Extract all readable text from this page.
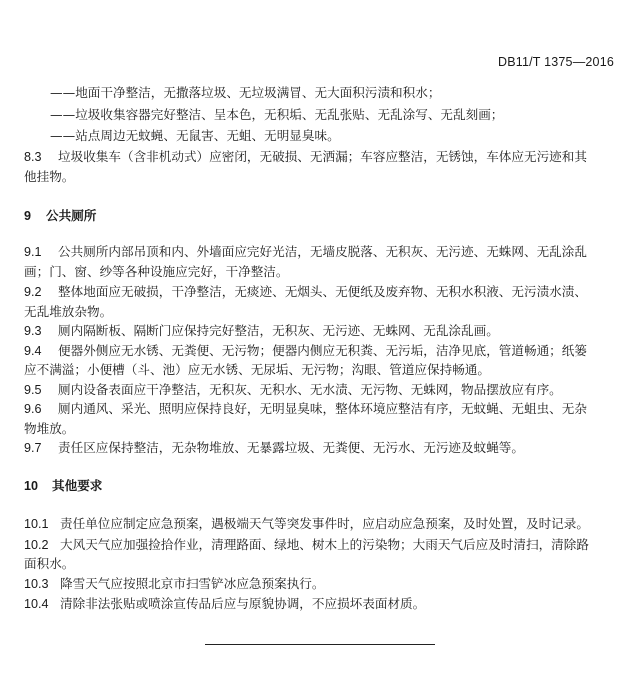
DB11/T 1375—2016
——地面干净整洁，无撒落垃圾、无垃圾满冒、无大面积污渍和积水；
——垃圾收集容器完好整洁、呈本色，无积垢、无乱张贴、无乱涂写、无乱刻画；
——站点周边无蚊蝇、无鼠害、无蛆、无明显臭味。
8.3 垃圾收集车（含非机动式）应密闭，无破损、无洒漏；车容应整洁，无锈蚀，车体应无污迹和其
他挂物。
9 公共厕所
9.1 公共厕所内部吊顶和内、外墙面应完好光洁，无墙皮脱落、无积灰、无污迹、无蛛网、无乱涂乱
画；门、窗、纱等各种设施应完好，干净整洁。
9.2 整体地面应无破损，干净整洁，无痰迹、无烟头、无便纸及废弃物、无积水积液、无污渍水渍、
无乱堆放杂物。
9.3 厕内隔断板、隔断门应保持完好整洁，无积灰、无污迹、无蛛网、无乱涂乱画。
9.4 便器外侧应无水锈、无粪便、无污物；便器内侧应无积粪、无污垢，洁净见底，管道畅通；纸篓
应不满溢；小便槽（斗、池）应无水锈、无尿垢、无污物；沟眼、管道应保持畅通。
9.5 厕内设备表面应干净整洁，无积灰、无积水、无水渍、无污物、无蛛网，物品摆放应有序。
9.6 厕内通风、采光、照明应保持良好，无明显臭味，整体环境应整洁有序，无蚊蝇、无蛆虫、无杂
物堆放。
9.7 责任区应保持整洁，无杂物堆放、无暴露垃圾、无粪便、无污水、无污迹及蚊蝇等。
10 其他要求
10.1 责任单位应制定应急预案，遇极端天气等突发事件时，应启动应急预案，及时处置，及时记录。
10.2 大风天气应加强捡拾作业，清理路面、绿地、树木上的污染物；大雨天气后应及时清扫，清除路
面积水。
10.3 降雪天气应按照北京市扫雪铲冰应急预案执行。
10.4 清除非法张贴或喷涂宣传品后应与原貌协调，不应损坏表面材质。
